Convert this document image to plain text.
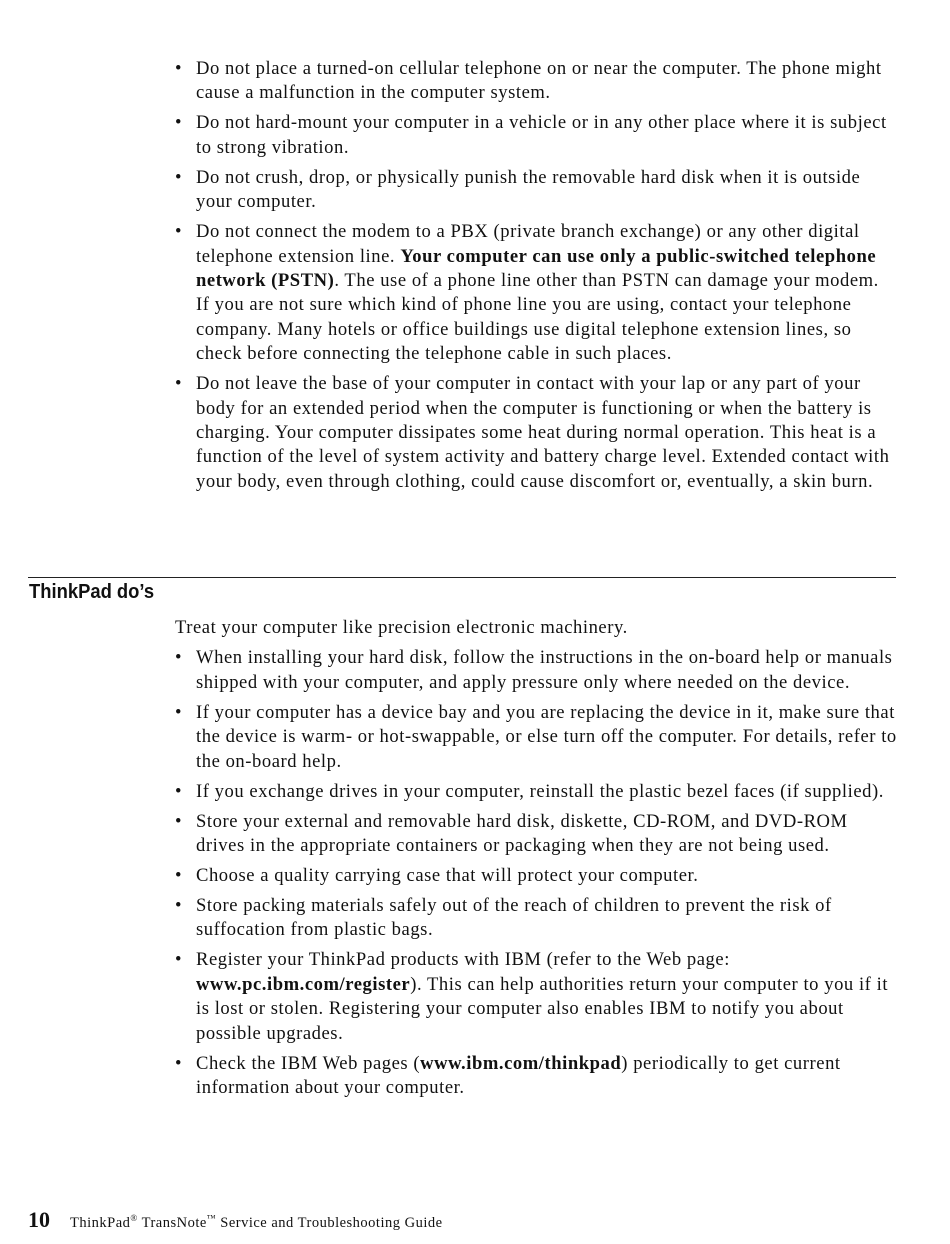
• Do not place a turned-on cellular telephone on or near the computer. The phone might cause a malfunction in the computer system.
• Do not hard-mount your computer in a vehicle or in any other place where it is subject to strong vibration.
• Do not crush, drop, or physically punish the removable hard disk when it is outside your computer.
• Do not connect the modem to a PBX (private branch exchange) or any other digital telephone extension line. Your computer can use only a public-switched telephone network (PSTN). The use of a phone line other than PSTN can damage your modem. If you are not sure which kind of phone line you are using, contact your telephone company. Many hotels or office buildings use digital telephone extension lines, so check before connecting the telephone cable in such places.
• Do not leave the base of your computer in contact with your lap or any part of your body for an extended period when the computer is functioning or when the battery is charging. Your computer dissipates some heat during normal operation. This heat is a function of the level of system activity and battery charge level. Extended contact with your body, even through clothing, could cause discomfort or, eventually, a skin burn.
ThinkPad do’s
Treat your computer like precision electronic machinery.
• When installing your hard disk, follow the instructions in the on-board help or manuals shipped with your computer, and apply pressure only where needed on the device.
• If your computer has a device bay and you are replacing the device in it, make sure that the device is warm- or hot-swappable, or else turn off the computer. For details, refer to the on-board help.
• If you exchange drives in your computer, reinstall the plastic bezel faces (if supplied).
• Store your external and removable hard disk, diskette, CD-ROM, and DVD-ROM drives in the appropriate containers or packaging when they are not being used.
• Choose a quality carrying case that will protect your computer.
• Store packing materials safely out of the reach of children to prevent the risk of suffocation from plastic bags.
• Register your ThinkPad products with IBM (refer to the Web page: www.pc.ibm.com/register). This can help authorities return your computer to you if it is lost or stolen. Registering your computer also enables IBM to notify you about possible upgrades.
• Check the IBM Web pages (www.ibm.com/thinkpad) periodically to get current information about your computer.
10 ThinkPad® TransNote™ Service and Troubleshooting Guide
